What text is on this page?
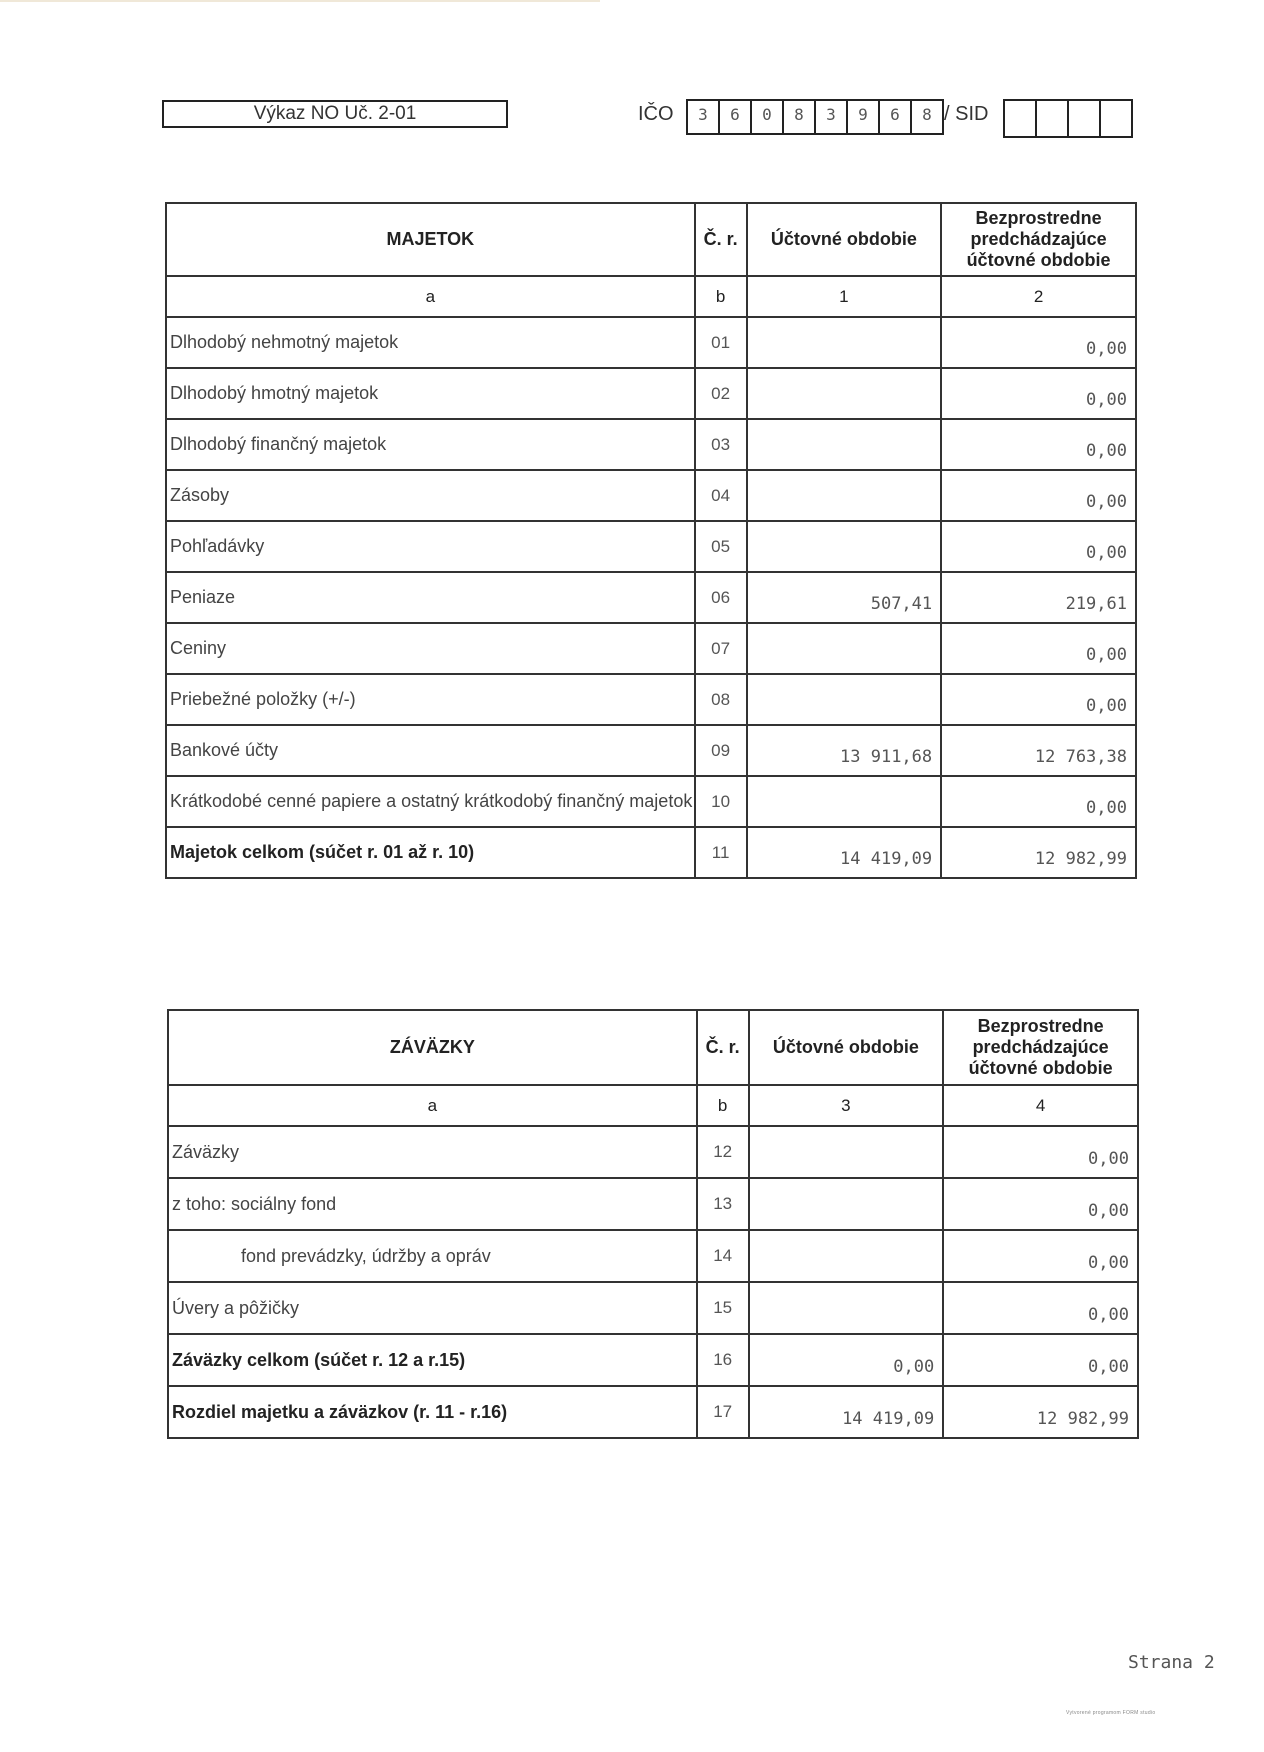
Výkaz NO Uč. 2-01	IČO	3	6	0	8	3	9	6	8 / SID
MAJETOK	Č. r.	Účtovné obdobie	Bezprostredne predchádzajúce účtovné obdobie
a	b	1	2
Dlhodobý nehmotný majetok	01		0,00
Dlhodobý hmotný majetok	02		0,00
Dlhodobý finančný majetok	03		0,00
Zásoby	04		0,00
Pohľadávky	05		0,00
Peniaze	06	507,41	219,61
Ceniny	07		0,00
Priebežné položky (+/-)	08		0,00
Bankové účty	09	13 911,68	12 763,38
Krátkodobé cenné papiere a ostatný krátkodobý finančný majetok	10		0,00
Majetok celkom (súčet r. 01 až r. 10)	11	14 419,09	12 982,99
ZÁVÄZKY	Č. r.	Účtovné obdobie	Bezprostredne predchádzajúce účtovné obdobie
a	b	3	4
Záväzky	12		0,00
z toho: sociálny fond	13		0,00
fond prevádzky, údržby a opráv	14		0,00
Úvery a pôžičky	15		0,00
Záväzky celkom (súčet r. 12 a r.15)	16	0,00	0,00
Rozdiel majetku a záväzkov (r. 11 - r.16)	17	14 419,09	12 982,99
Strana 2
Vytvorené programom FORM studio
